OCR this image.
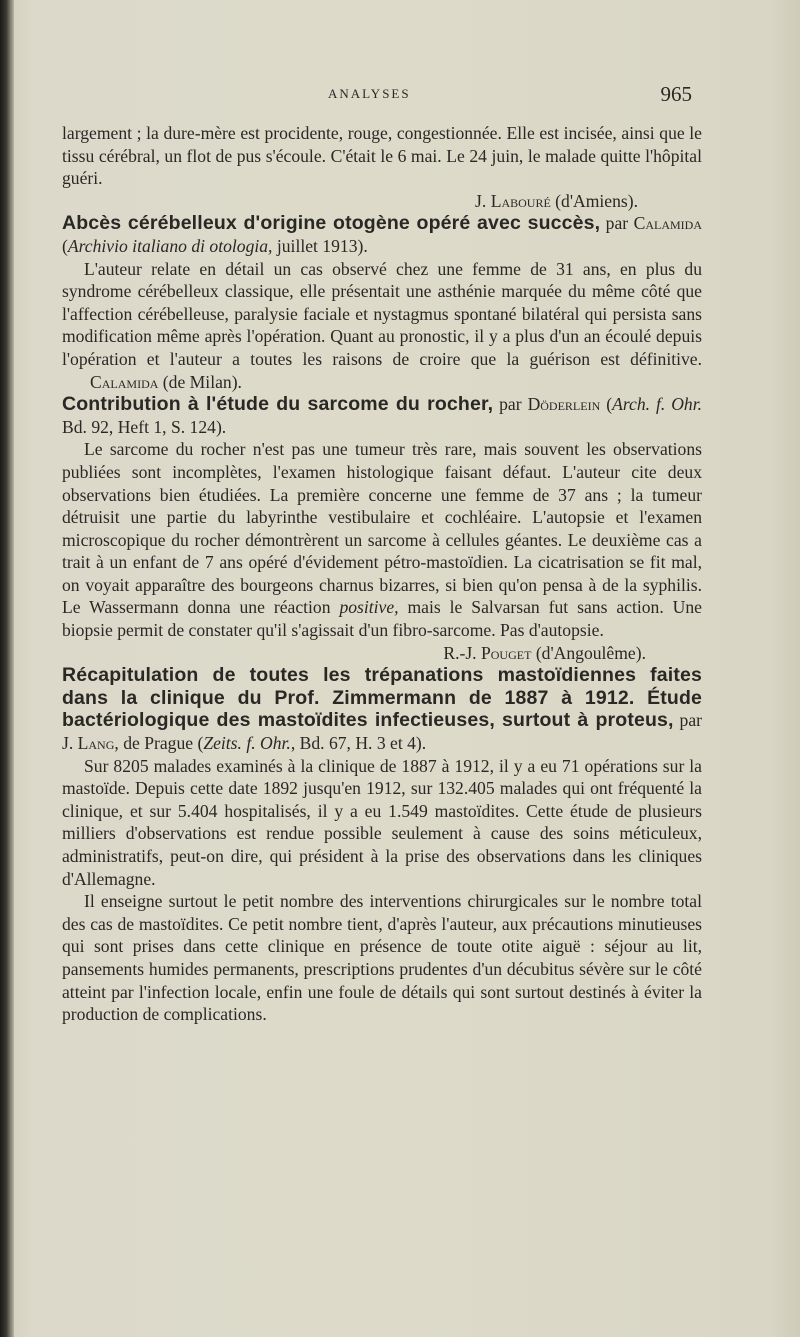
ANALYSES	965

largement ; la dure-mère est procidente, rouge, congestionnée. Elle est incisée, ainsi que le tissu cérébral, un flot de pus s'écoule. C'était le 6 mai. Le 24 juin, le malade quitte l'hôpital guéri.

J. Labouré (d'Amiens).

Abcès cérébelleux d'origine otogène opéré avec succès, par Calamida (Archivio italiano di otologia, juillet 1913).

L'auteur relate en détail un cas observé chez une femme de 31 ans, en plus du syndrome cérébelleux classique, elle présentait une asthénie marquée du même côté que l'affection cérébelleuse, paralysie faciale et nystagmus spontané bilatéral qui persista sans modification même après l'opération. Quant au pronostic, il y a plus d'un an écoulé depuis l'opération et l'auteur a toutes les raisons de croire que la guérison est définitive. Calamida (de Milan).

Contribution à l'étude du sarcome du rocher, par Döderlein (Arch. f. Ohr. Bd. 92, Heft 1, S. 124).

Le sarcome du rocher n'est pas une tumeur très rare, mais souvent les observations publiées sont incomplètes, l'examen histologique faisant défaut. L'auteur cite deux observations bien étudiées. La première concerne une femme de 37 ans ; la tumeur détruisit une partie du labyrinthe vestibulaire et cochléaire. L'autopsie et l'examen microscopique du rocher démontrèrent un sarcome à cellules géantes. Le deuxième cas a trait à un enfant de 7 ans opéré d'évidement pétro-mastoïdien. La cicatrisation se fit mal, on voyait apparaître des bourgeons charnus bizarres, si bien qu'on pensa à de la syphilis. Le Wassermann donna une réaction positive, mais le Salvarsan fut sans action. Une biopsie permit de constater qu'il s'agissait d'un fibro-sarcome. Pas d'autopsie.

R.-J. Pouget (d'Angoulême).

Récapitulation de toutes les trépanations mastoïdiennes faites dans la clinique du Prof. Zimmermann de 1887 à 1912. Étude bactériologique des mastoïdites infectieuses, surtout à proteus, par J. Lang, de Prague (Zeits. f. Ohr., Bd. 67, H. 3 et 4).

Sur 8205 malades examinés à la clinique de 1887 à 1912, il y a eu 71 opérations sur la mastoïde. Depuis cette date 1892 jusqu'en 1912, sur 132.405 malades qui ont fréquenté la clinique, et sur 5.404 hospitalisés, il y a eu 1.549 mastoïdites. Cette étude de plusieurs milliers d'observations est rendue possible seulement à cause des soins méticuleux, administratifs, peut-on dire, qui président à la prise des observations dans les cliniques d'Allemagne.

Il enseigne surtout le petit nombre des interventions chirurgicales sur le nombre total des cas de mastoïdites. Ce petit nombre tient, d'après l'auteur, aux précautions minutieuses qui sont prises dans cette clinique en présence de toute otite aiguë : séjour au lit, pansements humides permanents, prescriptions prudentes d'un décubitus sévère sur le côté atteint par l'infection locale, enfin une foule de détails qui sont surtout destinés à éviter la production de complications.
